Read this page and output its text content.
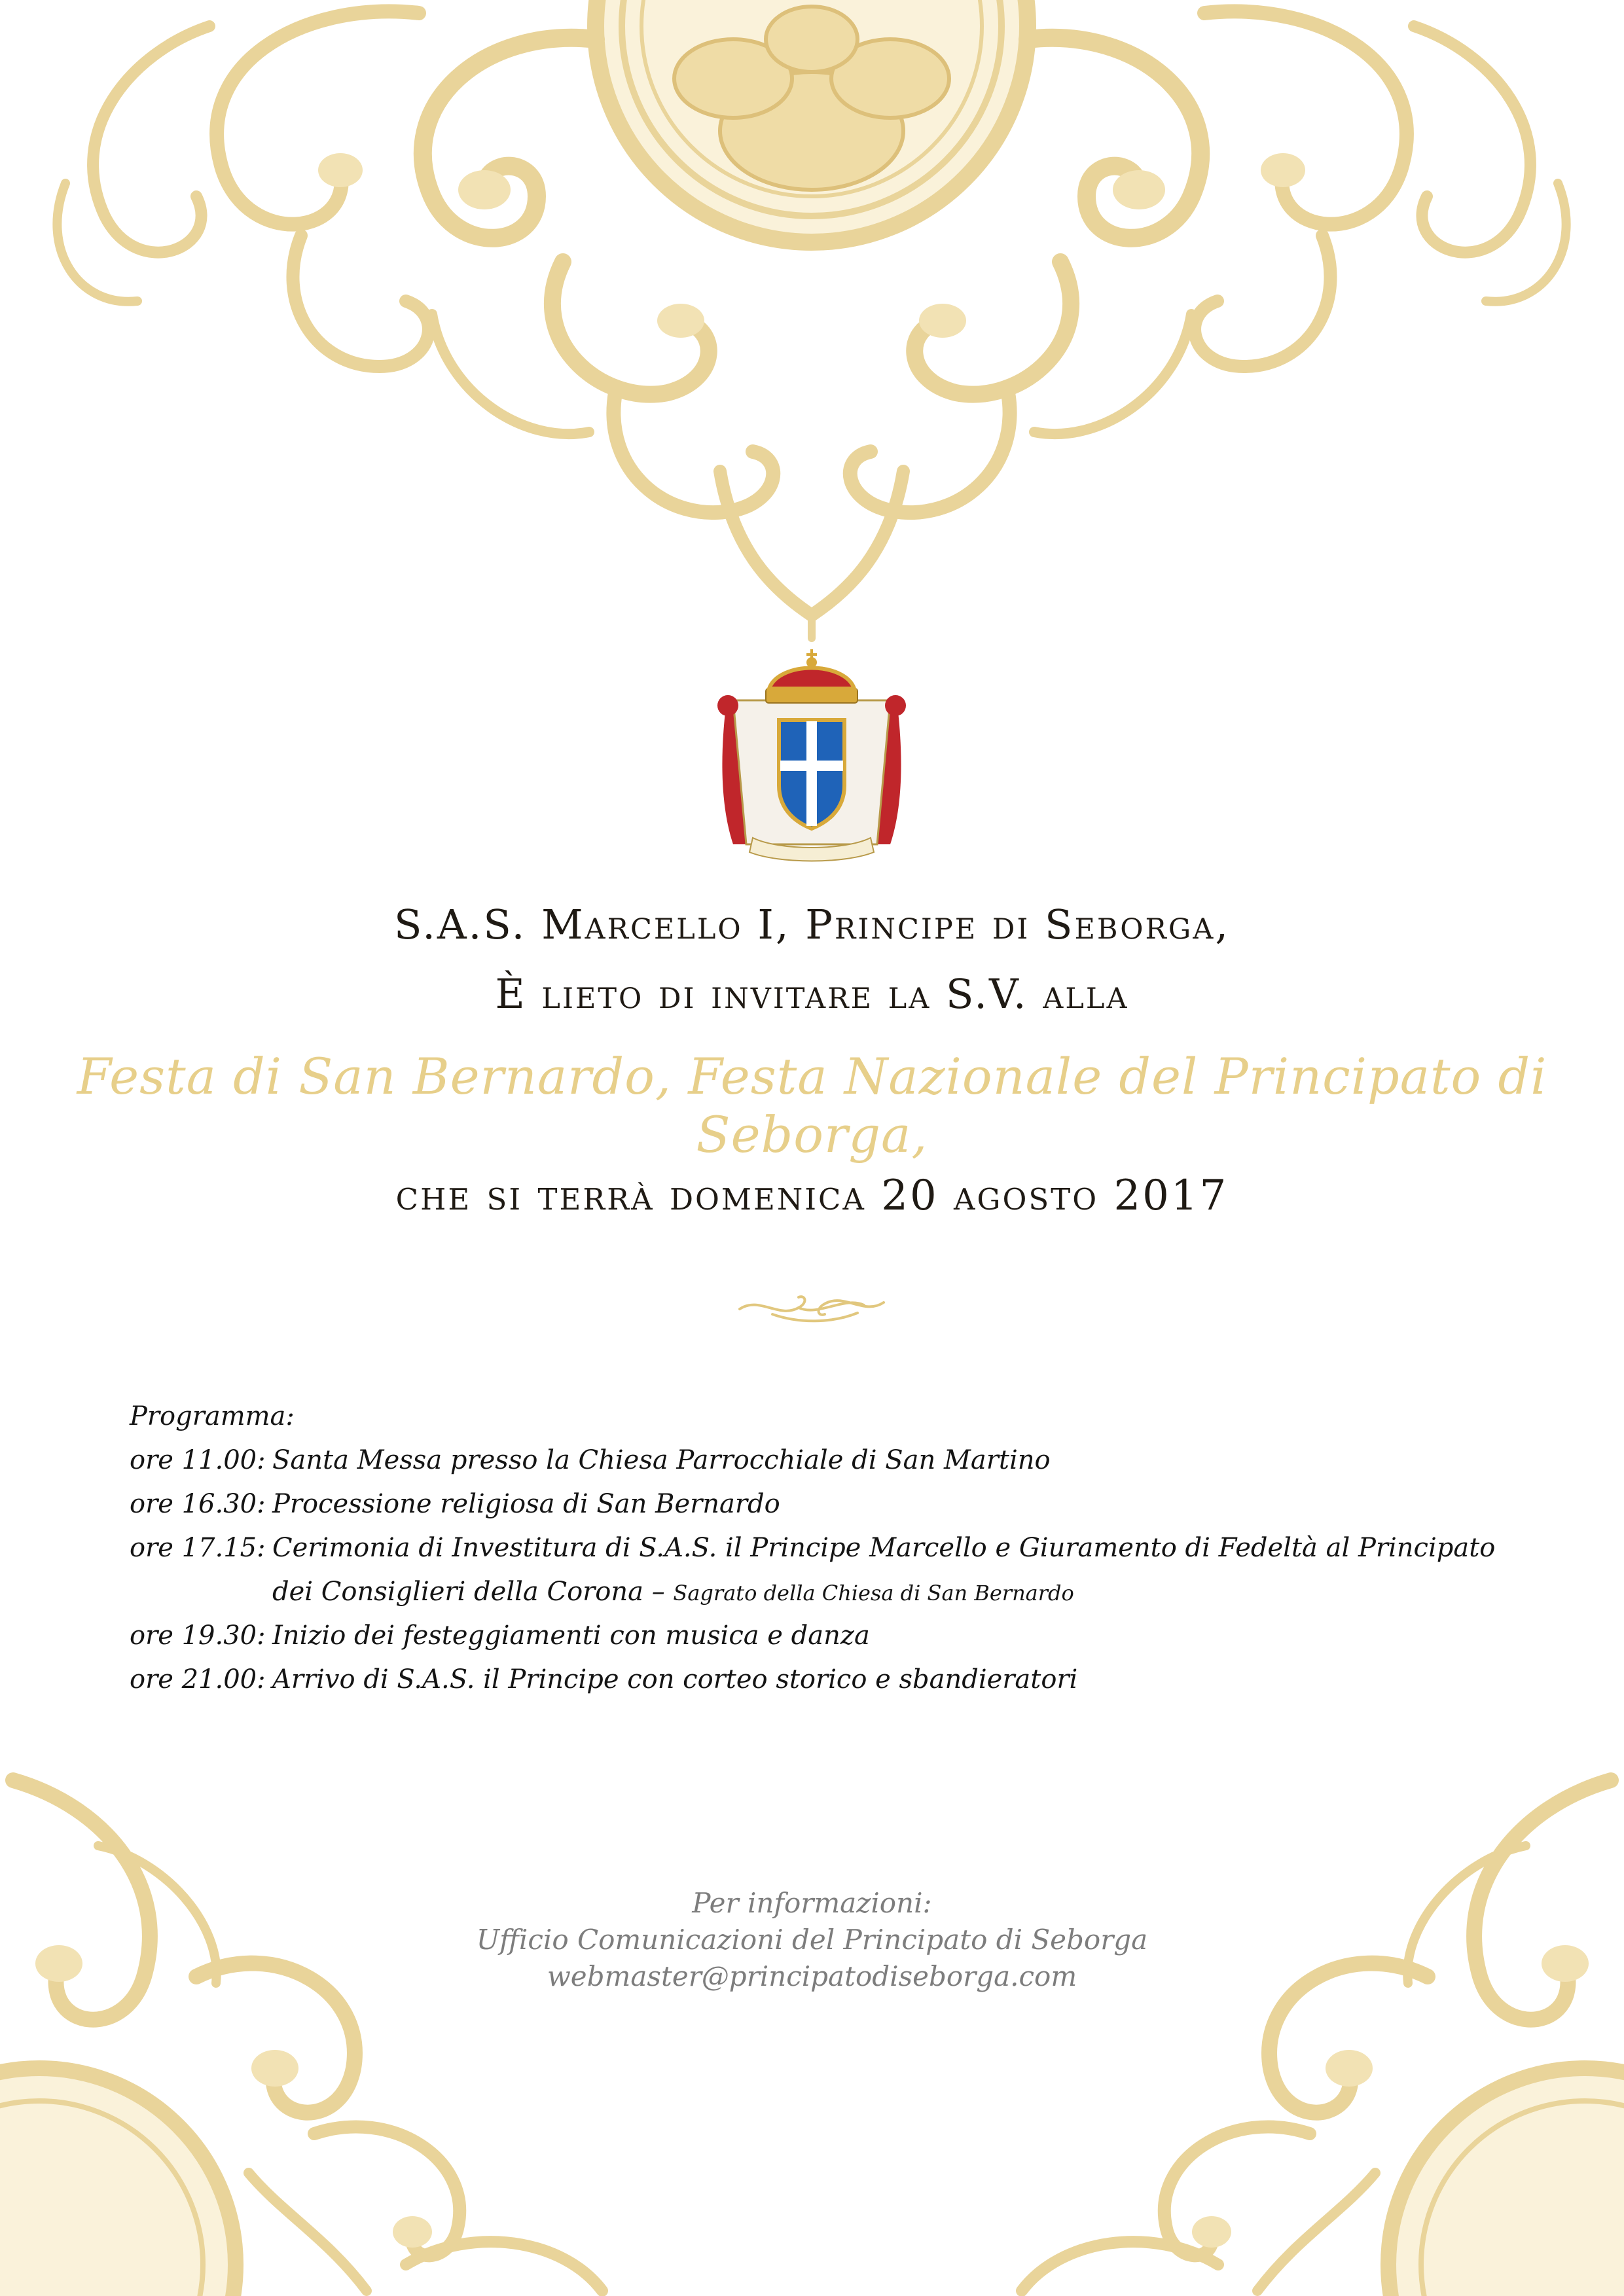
S.A.S. Marcello I, Principe di Seborga,
È lieto di invitare la S.V. alla
Festa di San Bernardo, Festa Nazionale del Principato di Seborga,
che si terrà domenica 20 agosto 2017
Programma:
ore 11.00: Santa Messa presso la Chiesa Parrocchiale di San Martino
ore 16.30: Processione religiosa di San Bernardo
ore 17.15: Cerimonia di Investitura di S.A.S. il Principe Marcello e Giuramento di Fedeltà al Principato
dei Consiglieri della Corona – Sagrato della Chiesa di San Bernardo
ore 19.30: Inizio dei festeggiamenti con musica e danza
ore 21.00: Arrivo di S.A.S. il Principe con corteo storico e sbandieratori
Per informazioni:
Ufficio Comunicazioni del Principato di Seborga
webmaster@principatodiseborga.com
